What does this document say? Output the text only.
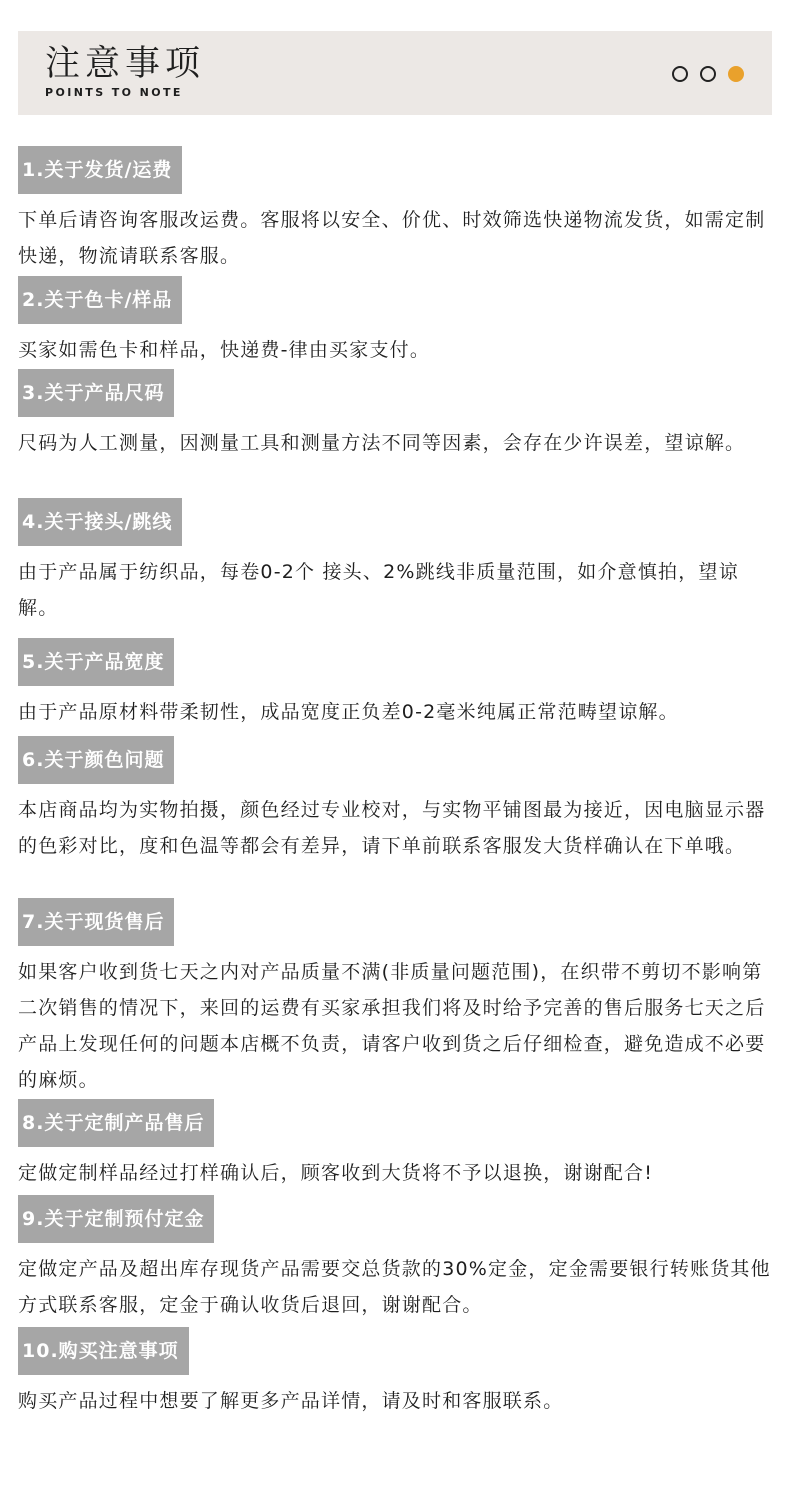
注意事项
POINTS TO NOTE
1.关于发货/运费
下单后请咨询客服改运费。客服将以安全、价优、时效筛选快递物流发货，如需定制快递，物流请联系客服。
2.关于色卡/样品
买家如需色卡和样品，快递费-律由买家支付。
3.关于产品尺码
尺码为人工测量，因测量工具和测量方法不同等因素，会存在少许误差，望谅解。
4.关于接头/跳线
由于产品属于纺织品，每卷0-2个 接头、2%跳线非质量范围，如介意慎拍，望谅解。
5.关于产品宽度
由于产品原材料带柔韧性，成品宽度正负差0-2毫米纯属正常范畴望谅解。
6.关于颜色问题
本店商品均为实物拍摄，颜色经过专业校对，与实物平铺图最为接近，因电脑显示器的色彩对比，度和色温等都会有差异，请下单前联系客服发大货样确认在下单哦。
7.关于现货售后
如果客户收到货七天之内对产品质量不满(非质量问题范围)，在织带不剪切不影响第二次销售的情况下，来回的运费有买家承担我们将及时给予完善的售后服务七天之后产品上发现任何的问题本店概不负责，请客户收到货之后仔细检查，避免造成不必要的麻烦。
8.关于定制产品售后
定做定制样品经过打样确认后，顾客收到大货将不予以退换，谢谢配合!
9.关于定制预付定金
定做定产品及超出库存现货产品需要交总货款的30%定金，定金需要银行转账货其他方式联系客服，定金于确认收货后退回，谢谢配合。
10.购买注意事项
购买产品过程中想要了解更多产品详情，请及时和客服联系。
